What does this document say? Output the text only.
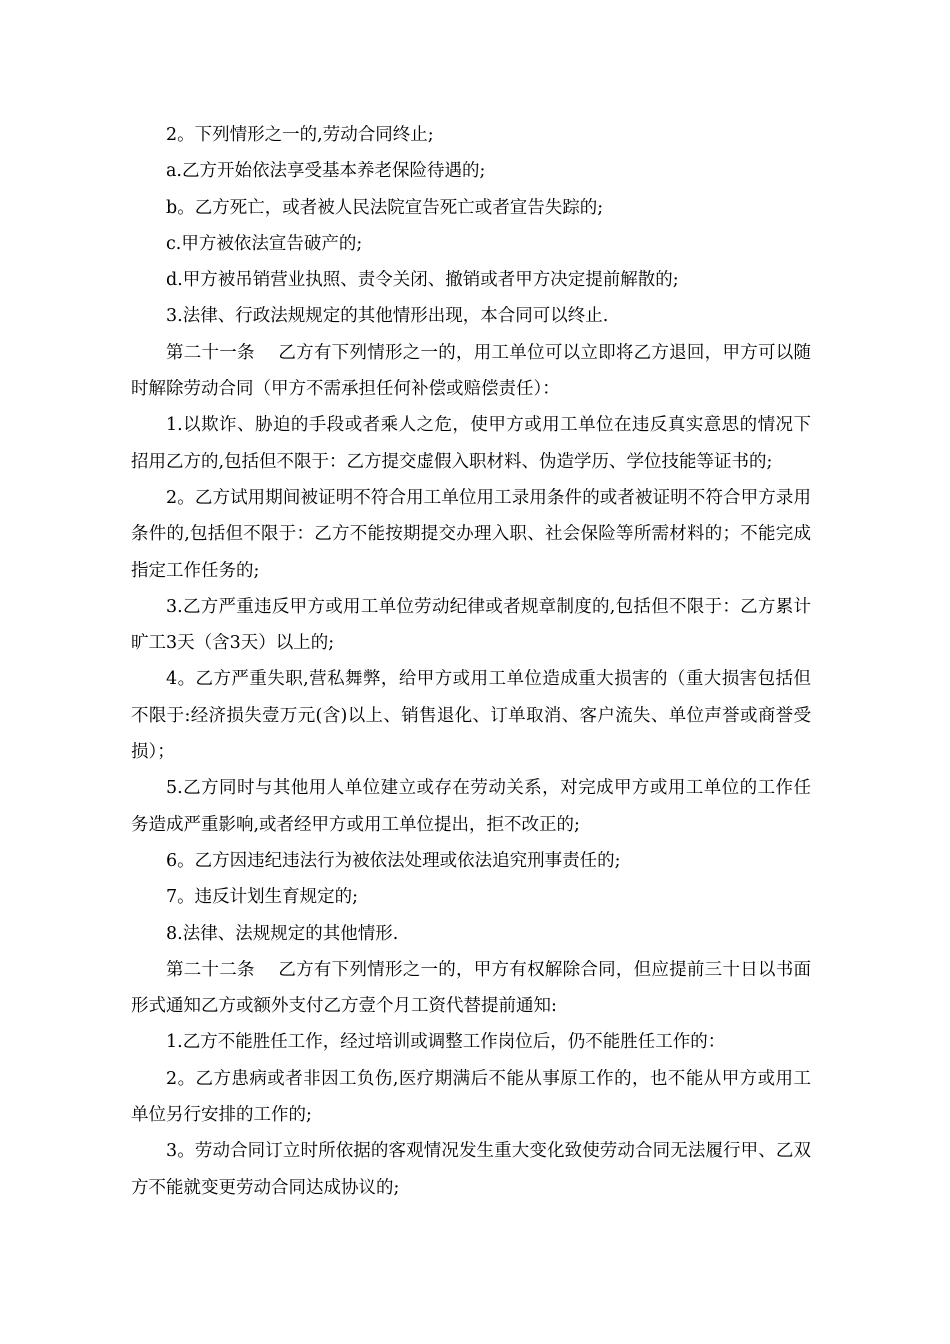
2。下列情形之一的,劳动合同终止;

a.乙方开始依法享受基本养老保险待遇的;

b。乙方死亡，或者被人民法院宣告死亡或者宣告失踪的;

c.甲方被依法宣告破产的;

d.甲方被吊销营业执照、责令关闭、撤销或者甲方决定提前解散的;

3.法律、行政法规规定的其他情形出现，本合同可以终止.

第二十一条　 乙方有下列情形之一的，用工单位可以立即将乙方退回，甲方可以随时解除劳动合同（甲方不需承担任何补偿或赔偿责任）：

1.以欺诈、胁迫的手段或者乘人之危，使甲方或用工单位在违反真实意思的情况下招用乙方的,包括但不限于：乙方提交虚假入职材料、伪造学历、学位技能等证书的;

2。乙方试用期间被证明不符合用工单位用工录用条件的或者被证明不符合甲方录用条件的,包括但不限于：乙方不能按期提交办理入职、社会保险等所需材料的；不能完成指定工作任务的;

3.乙方严重违反甲方或用工单位劳动纪律或者规章制度的,包括但不限于：乙方累计旷工3天（含3天）以上的;

4。乙方严重失职,营私舞弊，给甲方或用工单位造成重大损害的（重大损害包括但不限于:经济损失壹万元(含)以上、销售退化、订单取消、客户流失、单位声誉或商誉受损）；

5.乙方同时与其他用人单位建立或存在劳动关系，对完成甲方或用工单位的工作任务造成严重影响,或者经甲方或用工单位提出，拒不改正的;

6。乙方因违纪违法行为被依法处理或依法追究刑事责任的;

7。违反计划生育规定的;

8.法律、法规规定的其他情形.

第二十二条　 乙方有下列情形之一的，甲方有权解除合同，但应提前三十日以书面形式通知乙方或额外支付乙方壹个月工资代替提前通知:

1.乙方不能胜任工作，经过培训或调整工作岗位后，仍不能胜任工作的：

2。乙方患病或者非因工负伤,医疗期满后不能从事原工作的，也不能从甲方或用工单位另行安排的工作的;

3。劳动合同订立时所依据的客观情况发生重大变化致使劳动合同无法履行甲、乙双方不能就变更劳动合同达成协议的;
